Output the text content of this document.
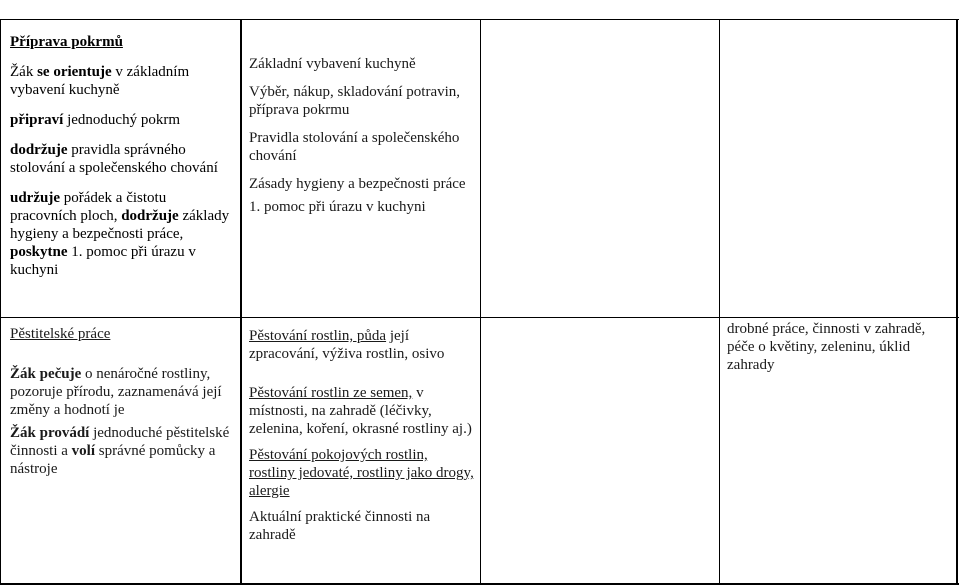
Příprava pokrmů

Žák se orientuje v základním vybavení kuchyně

připraví jednoduchý pokrm

dodržuje pravidla správného stolování a společenského chování

udržuje pořádek a čistotu pracovních ploch, dodržuje základy hygieny a bezpečnosti práce, poskytne 1. pomoc při úrazu v kuchyni

Základní vybavení kuchyně

Výběr, nákup, skladování potravin, příprava pokrmu

Pravidla stolování a společenského chování

Zásady hygieny a bezpečnosti práce

1. pomoc při úrazu v kuchyni

Pěstitelské práce

Žák pečuje o nenáročné rostliny, pozoruje přírodu, zaznamenává její změny a hodnotí je

Žák provádí jednoduché pěstitelské činnosti a volí správné pomůcky a nástroje

Pěstování rostlin, půda její zpracování, výživa rostlin, osivo

Pěstování rostlin ze semen, v místnosti, na zahradě (léčivky, zelenina, koření, okrasné rostliny aj.)

Pěstování pokojových rostlin, rostliny jedovaté, rostliny jako drogy, alergie

Aktuální praktické činnosti na zahradě

drobné práce, činnosti v zahradě, péče o květiny, zeleninu, úklid zahrady
